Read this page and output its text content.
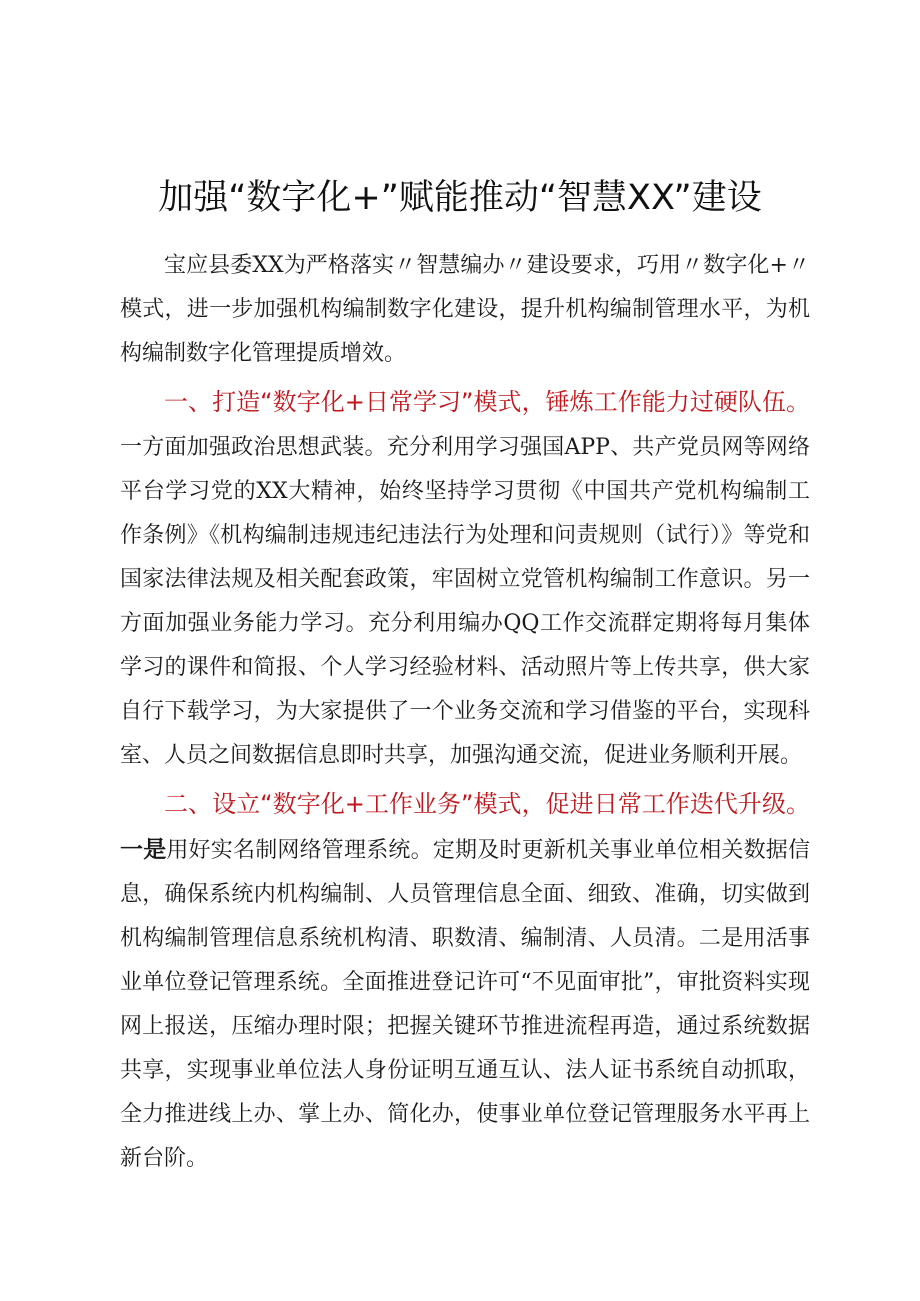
加强“数字化+”赋能推动“智慧XX”建设

宝应县委XX为严格落实〃智慧编办〃建设要求，巧用〃数字化+〃模式，进一步加强机构编制数字化建设，提升机构编制管理水平，为机构编制数字化管理提质增效。

一、打造“数字化+日常学习”模式，锤炼工作能力过硬队伍。一方面加强政治思想武装。充分利用学习强国APP、共产党员网等网络平台学习党的XX大精神，始终坚持学习贯彻《中国共产党机构编制工作条例》《机构编制违规违纪违法行为处理和问责规则（试行）》等党和国家法律法规及相关配套政策，牢固树立党管机构编制工作意识。另一方面加强业务能力学习。充分利用编办QQ工作交流群定期将每月集体学习的课件和简报、个人学习经验材料、活动照片等上传共享，供大家自行下载学习，为大家提供了一个业务交流和学习借鉴的平台，实现科室、人员之间数据信息即时共享，加强沟通交流，促进业务顺利开展。

二、设立“数字化+工作业务”模式，促进日常工作迭代升级。一是用好实名制网络管理系统。定期及时更新机关事业单位相关数据信息，确保系统内机构编制、人员管理信息全面、细致、准确，切实做到机构编制管理信息系统机构清、职数清、编制清、人员清。二是用活事业单位登记管理系统。全面推进登记许可“不见面审批”，审批资料实现网上报送，压缩办理时限；把握关键环节推进流程再造，通过系统数据共享，实现事业单位法人身份证明互通互认、法人证书系统自动抓取，全力推进线上办、掌上办、简化办，使事业单位登记管理服务水平再上新台阶。
